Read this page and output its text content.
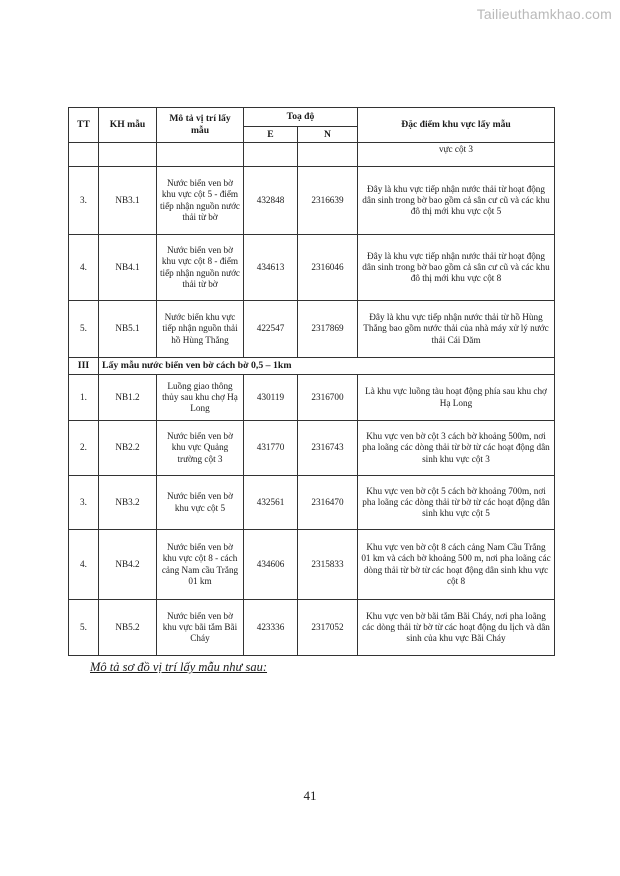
Tailieuthamkhao.com
TT	KH mẫu	Mô tả vị trí lấy mẫu	Toạ độ		Đặc điểm khu vực lấy mẫu
			E	N	
					vực cột 3
3.	NB3.1	Nước biển ven bờ khu vực cột 5 - điểm tiếp nhận nguồn nước thải từ bờ	432848	2316639	Đây là khu vực tiếp nhận nước thải từ hoạt động dân sinh trong bờ bao gồm cả sân cư cũ và các khu đô thị mới khu vực cột 5
4.	NB4.1	Nước biển ven bờ khu vực cột 8 - điểm tiếp nhận nguồn nước thải từ bờ	434613	2316046	Đây là khu vực tiếp nhận nước thải từ hoạt động dân sinh trong bờ bao gồm cả sân cư cũ và các khu đô thị mới khu vực cột 8
5.	NB5.1	Nước biển khu vực tiếp nhận nguồn thải hồ Hùng Thắng	422547	2317869	Đây là khu vực tiếp nhận nước thải từ hồ Hùng Thắng bao gồm nước thải của nhà máy xử lý nước thải Cái Dăm
III	Lấy mẫu nước biển ven bờ cách bờ 0,5 – 1km				
1.	NB1.2	Luồng giao thông thủy sau khu chợ Hạ Long	430119	2316700	Là khu vực luồng tàu hoạt động phía sau khu chợ Hạ Long
2.	NB2.2	Nước biển ven bờ khu vực Quảng trường cột 3	431770	2316743	Khu vực ven bờ cột 3 cách bờ khoảng 500m, nơi pha loãng các dòng thải từ bờ từ các hoạt động dân sinh khu vực cột 3
3.	NB3.2	Nước biển ven bờ khu vực cột 5	432561	2316470	Khu vực ven bờ cột 5 cách bờ khoảng 700m, nơi pha loãng các dòng thải từ bờ từ các hoạt động dân sinh khu vực cột 5
4.	NB4.2	Nước biển ven bờ khu vực cột 8 - cách cảng Nam cầu Trắng 01 km	434606	2315833	Khu vực ven bờ cột 8 cách cảng Nam Cầu Trắng 01 km và cách bờ khoảng 500 m, nơi pha loãng các dòng thải từ bờ từ các hoạt động dân sinh khu vực cột 8
5.	NB5.2	Nước biển ven bờ khu vực bãi tắm Bãi Cháy	423336	2317052	Khu vực ven bờ bãi tắm Bãi Cháy, nơi pha loãng các dòng thải từ bờ từ các hoạt động du lịch và dân sinh của khu vực Bãi Cháy
Mô tả sơ đồ vị trí lấy mẫu như sau:
41
